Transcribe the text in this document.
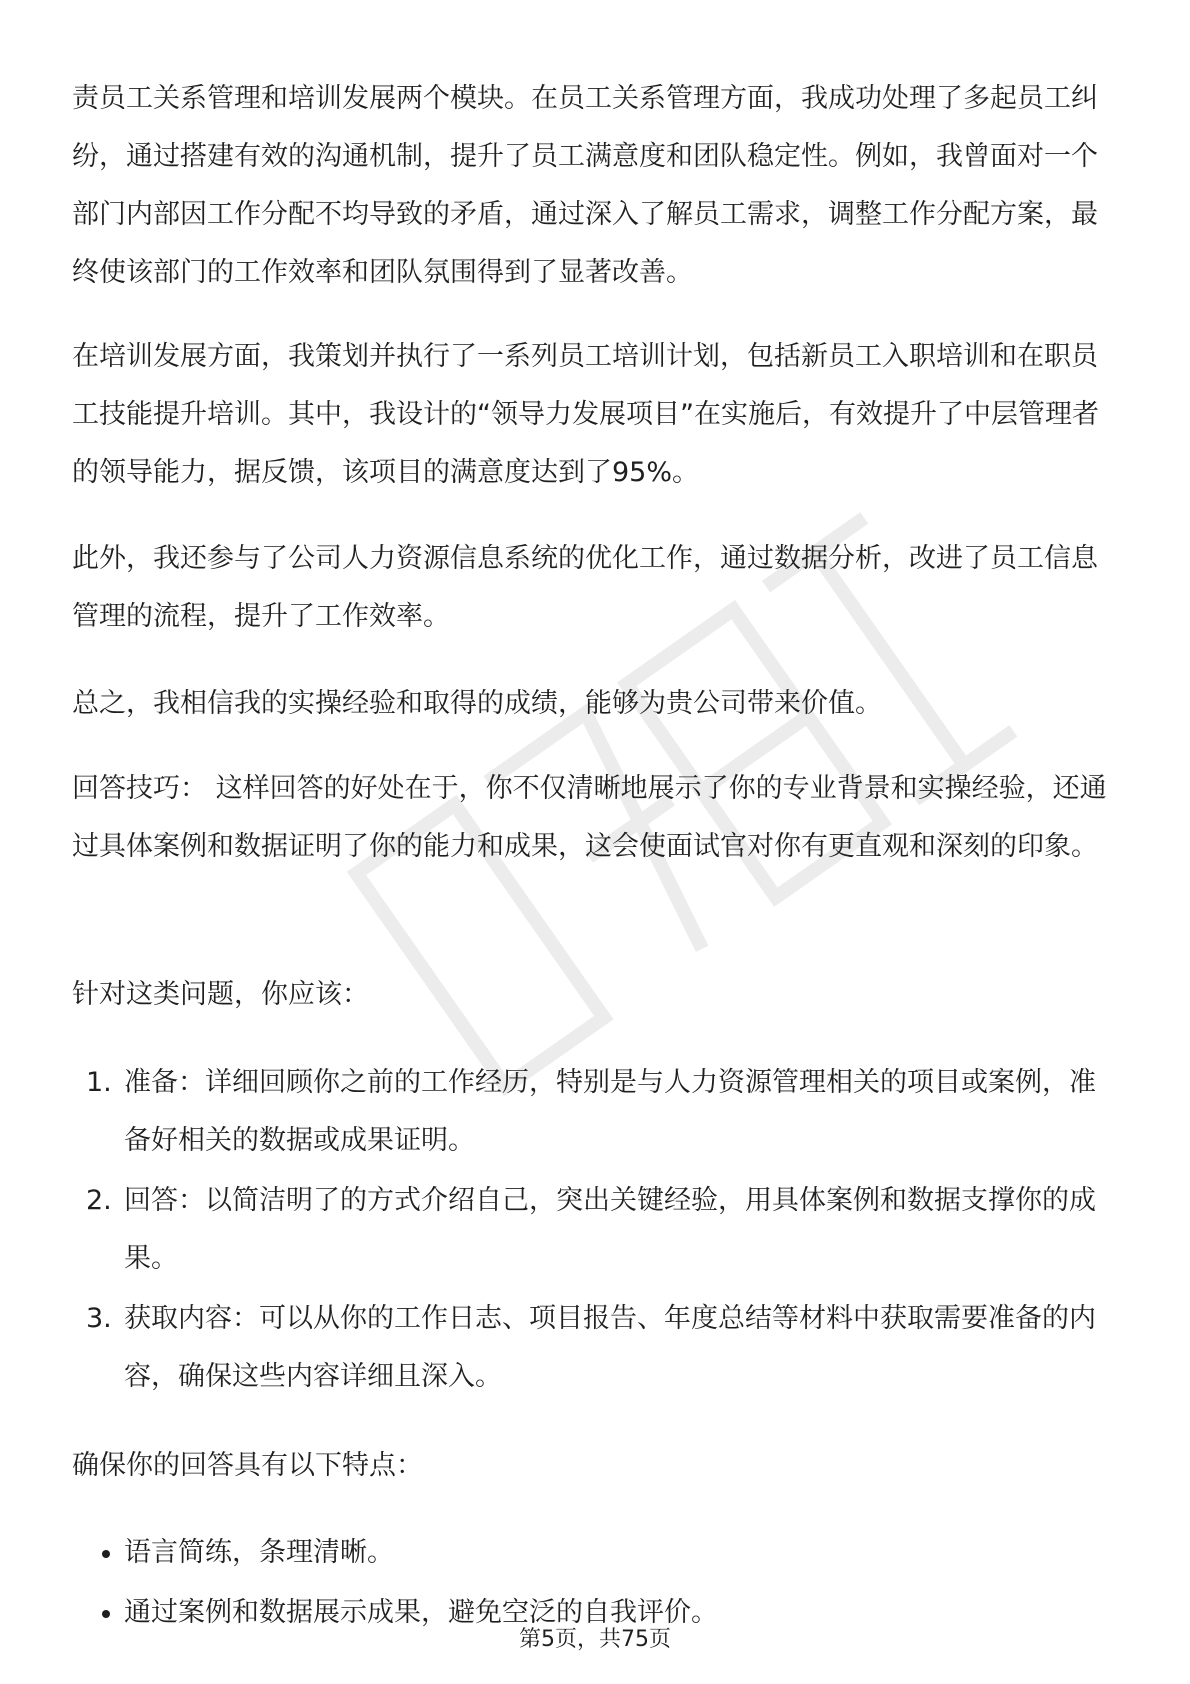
责员工关系管理和培训发展两个模块。在员工关系管理方面，我成功处理了多起员工纠纷，通过搭建有效的沟通机制，提升了员工满意度和团队稳定性。例如，我曾面对一个部门内部因工作分配不均导致的矛盾，通过深入了解员工需求，调整工作分配方案，最终使该部门的工作效率和团队氛围得到了显著改善。

在培训发展方面，我策划并执行了一系列员工培训计划，包括新员工入职培训和在职员工技能提升培训。其中，我设计的“领导力发展项目”在实施后，有效提升了中层管理者的领导能力，据反馈，该项目的满意度达到了95%。

此外，我还参与了公司人力资源信息系统的优化工作，通过数据分析，改进了员工信息管理的流程，提升了工作效率。

总之，我相信我的实操经验和取得的成绩，能够为贵公司带来价值。

回答技巧： 这样回答的好处在于，你不仅清晰地展示了你的专业背景和实操经验，还通过具体案例和数据证明了你的能力和成果，这会使面试官对你有更直观和深刻的印象。

针对这类问题，你应该：

1. 准备：详细回顾你之前的工作经历，特别是与人力资源管理相关的项目或案例，准备好相关的数据或成果证明。
2. 回答：以简洁明了的方式介绍自己，突出关键经验，用具体案例和数据支撑你的成果。
3. 获取内容：可以从你的工作日志、项目报告、年度总结等材料中获取需要准备的内容，确保这些内容详细且深入。

确保你的回答具有以下特点：

语言简练，条理清晰。
通过案例和数据展示成果，避免空泛的自我评价。
第5页，共75页
